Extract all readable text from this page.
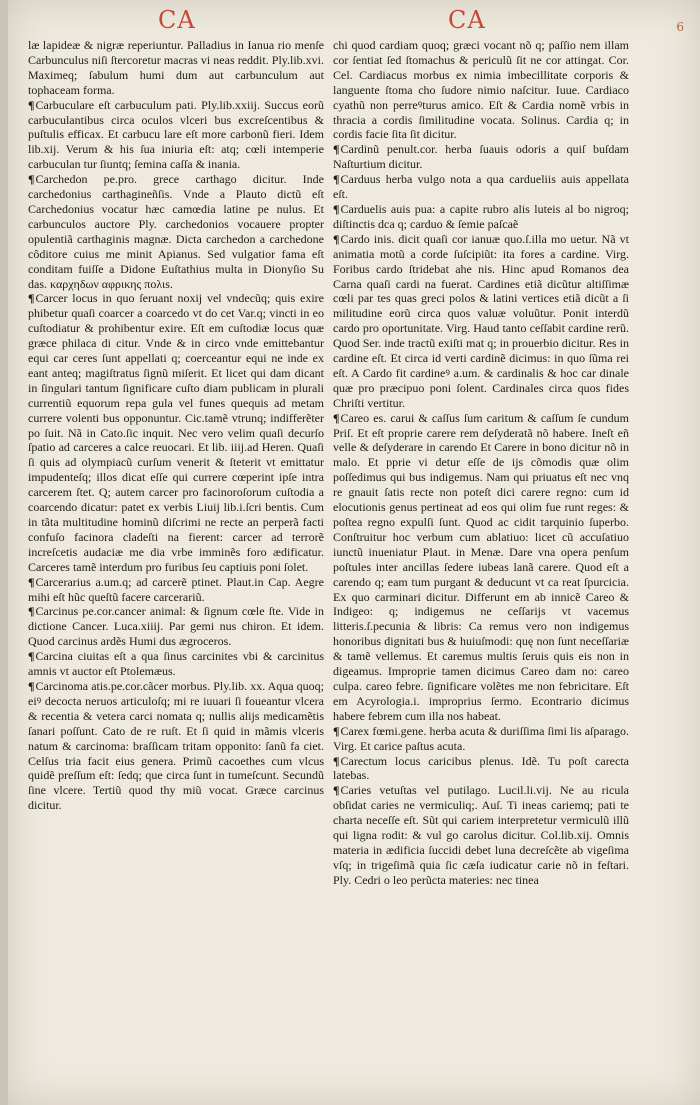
CA	CA	6

læ lapideæ & nigræ reperiuntur. Palladius in Ianua rio menſe Carbunculus niſi ſtercoretur macras vi neas reddit. Ply.lib.xvi. Maximeq; ſabulum humi dum aut carbunculum aut tophaceam forma.

¶Carbuculare eſt carbuculum pati. Ply.lib.xxiij. Succus eorũ carbuculantibus circa oculos vlceri bus excreſcentibus & puſtulis efficax. Et carbucu lare eſt more carbonũ fieri. Idem lib.xij. Verum & his ſua iniuria eſt: atq; cœli intemperie carbuculan tur ſiuntq; ſemina caſſa & inania.

¶Carchedon pe.pro. grece carthago dicitur. Inde carchedonius carthagineñſis. Vnde a Plauto dictũ eſt Carchedonius vocatur hæc camœdia latine pe nulus. Et carbunculos auctore Ply. carchedonios vocauere propter opulentiã carthaginis magnæ. Dicta carchedon a carchedone côditore cuius me minit Apianus. Sed vulgatior fama eſt conditam fuiſſe a Didone Euſtathius multa in Dionyſio Su das. καρχηδων αφρικης πολιs.

¶Carcer locus in quo ſeruant noxij vel vndecũq; quis exire phibetur quaſi coarcer a coarcedo vt do cet Var.q; vincti in eo cuſtodiatur & prohibentur exire. Eſt em cuſtodiæ locus quæ græce philaca di citur. Vnde & in circo vnde emittebantur equi car ceres ſunt appellati q; coerceantur equi ne inde ex eant anteq; magiſtratus ſignũ miſerit. Et licet qui dam dicant in ſingulari tantum ſignificare cuſto diam publicam in plurali currentiũ equorum repa gula vel funes quequis ad metam currere volenti bus opponuntur. Cic.tamẽ vtrunq; indifferẽter po ſuit. Nã in Cato.ſic inquit. Nec vero velim quaſi decurſo ſpatio ad carceres a calce reuocari. Et lib. iiij.ad Heren. Quaſi ſi quis ad olympiacũ curſum venerit & ſteterit vt emittatur impudenteſq; illos dicat eſſe qui currere cœperint ipſe intra carcerem ſtet. Q; autem carcer pro facinoroſorum cuſtodia a coarcendo dicatur: patet ex verbis Liuij lib.i.ſcri bentis. Cum in tãta multitudine hominũ diſcrimi ne recte an perperã facti confuſo facinora cladeſti na fierent: carcer ad terrorẽ increſcetis audaciæ me dia vrbe imminẽs foro ædificatur. Carceres tamẽ interdum pro furibus ſeu captiuis poni ſolet.

¶Carcerarius a.um.q; ad carcerẽ ptinet. Plaut.in Cap. Aegre mihi eſt hũc queſtũ facere carcerariũ.

¶Carcinus pe.cor.cancer animal: & ſignum cœle ſte. Vide in dictione Cancer. Luca.xiiij. Par gemi nus chiron. Et idem. Quod carcinus ardẽs Humi dus ægroceros.

¶Carcina ciuitas eſt a qua ſinus carcinites vbi & carcinitus amnis vt auctor eſt Ptolemæus.

¶Carcinoma atis.pe.cor.cãcer morbus. Ply.lib. xx. Aqua quoq; eiꝰ decocta neruos articuloſq; mi re iuuari ſi foueantur vlcera & recentia & vetera carci nomata q; nullis alijs medicamẽtis ſanari poſſunt. Cato de re ruſt. Et ſi quid in mãmis vlceris natum & carcinoma: braſſicam tritam opponito: ſanũ fa ciet. Celſus tria facit eius genera. Primũ cacoethes cum vlcus quidẽ preſſum eſt: ſedq; que circa ſunt in tumeſcunt. Secundũ ſine vlcere. Tertiũ quod thy miũ vocat. Græce carcinus dicitur.

chi quod cardiam quoq; græci vocant nõ q; paſſio nem illam cor ſentiat ſed ſtomachus & periculũ ſit ne cor attingat. Cor. Cel. Cardiacus morbus ex nimia imbecillitate corporis & languente ſtoma cho ſudore nimio naſcitur. Iuue. Cardiaco cyathũ non perreꝰturus amico. Eſt & Cardia nomẽ vrbis in thracia a cordis ſimilitudine vocata. Solinus. Cardia q; in cordis facie ſita ſit dicitur.

¶Cardinũ penult.cor. herba ſuauis odoris a quiſ buſdam Naſturtium dicitur.

¶Carduus herba vulgo nota a qua cardueliis auis appellata eſt.

¶Carduelis auis pua: a capite rubro alis luteis al bo nigroq; diſtinctis dca q; carduo & ſemie paſcaẽ

¶Cardo inis. dicit quaſi cor ianuæ quo.ſ.illa mo uetur. Nã vt animatia motũ a corde ſuſcipiũt: ita fores a cardine. Virg. Foribus cardo ſtridebat ahe nis. Hinc apud Romanos dea Carna quaſi cardi na fuerat. Cardines etiã dicũtur altiſſimæ cœli par tes quas greci polos & latini vertices etiã dicũt a ſi militudine eorũ circa quos valuæ voluũtur. Ponit interdũ cardo pro oportunitate. Virg. Haud tanto ceſſabit cardine rerũ. Quod Ser. inde tractũ exiſti mat q; in prouerbio dicitur. Res in cardine eſt. Et circa id verti cardinẽ dicimus: in quo ſũma rei eſt. A Cardo fit cardineꝰ a.um. & cardinalis & hoc car dinale quæ pro præcipuo poni ſolent. Cardinales circa quos fides Chriſti vertitur.

¶Careo es. carui & caſſus ſum caritum & caſſum ſe cundum Priſ. Et eſt proprie carere rem deſyderatã nõ habere. Ineſt eñ velle & deſyderare in carendo Et Carere in bono dicitur nõ in malo. Et pprie vi detur eſſe de ijs cõmodis quæ olim poſſedimus qui bus indigemus. Nam qui priuatus eſt nec vnq re gnauit ſatis recte non poteſt dici carere regno: cum id elocutionis genus pertineat ad eos qui olim fue runt reges: & poſtea regno expulſi ſunt. Quod ac cidit tarquinio ſuperbo. Conſtruitur hoc verbum cum ablatiuo: licet cũ accuſatiuo iunctũ inueniatur Plaut. in Menæ. Dare vna opera penſum poſtules inter ancillas ſedere iubeas lanã carere. Quod eſt a carendo q; eam tum purgant & deducunt vt ca reat ſpurcicia. Ex quo carminari dicitur. Differunt em ab innicẽ Careo & Indigeo: q; indigemus ne ceſſarijs vt vacemus litteris.ſ.pecunia & libris: Ca remus vero non indigemus honoribus dignitati bus & huiuſmodi: quę non ſunt neceſſariæ & tamẽ vellemus. Et caremus multis ſeruis quis eis non in digeamus. Improprie tamen dicimus Careo dam no: careo culpa. careo febre. ſignificare volẽtes me non febricitare. Eſt em Acyrologia.i. improprius ſermo. Econtrario dicimus habere febrem cum illa nos habeat.

¶Carex fœmi.gene. herba acuta & duriſſima ſimi lis aſparago. Virg. Et carice paſtus acuta.

¶Carectum locus caricibus plenus. Idẽ. Tu poſt carecta latebas.

¶Caries vetuſtas vel putilago. Lucil.li.vij. Ne au ricula obſidat caries ne vermiculiq;. Auſ. Ti ineas cariemq; pati te charta neceſſe eſt. Sũt qui cariem interpretetur vermiculũ illũ qui ligna rodit: & vul go carolus dicitur. Col.lib.xij. Omnis materia in ædificia ſuccidi debet luna decreſcẽte ab vigeſima vſq; in trigeſimã quia ſic cæſa iudicatur carie nõ in feſtari. Ply. Cedri o leo perũcta materies: nec tinea
